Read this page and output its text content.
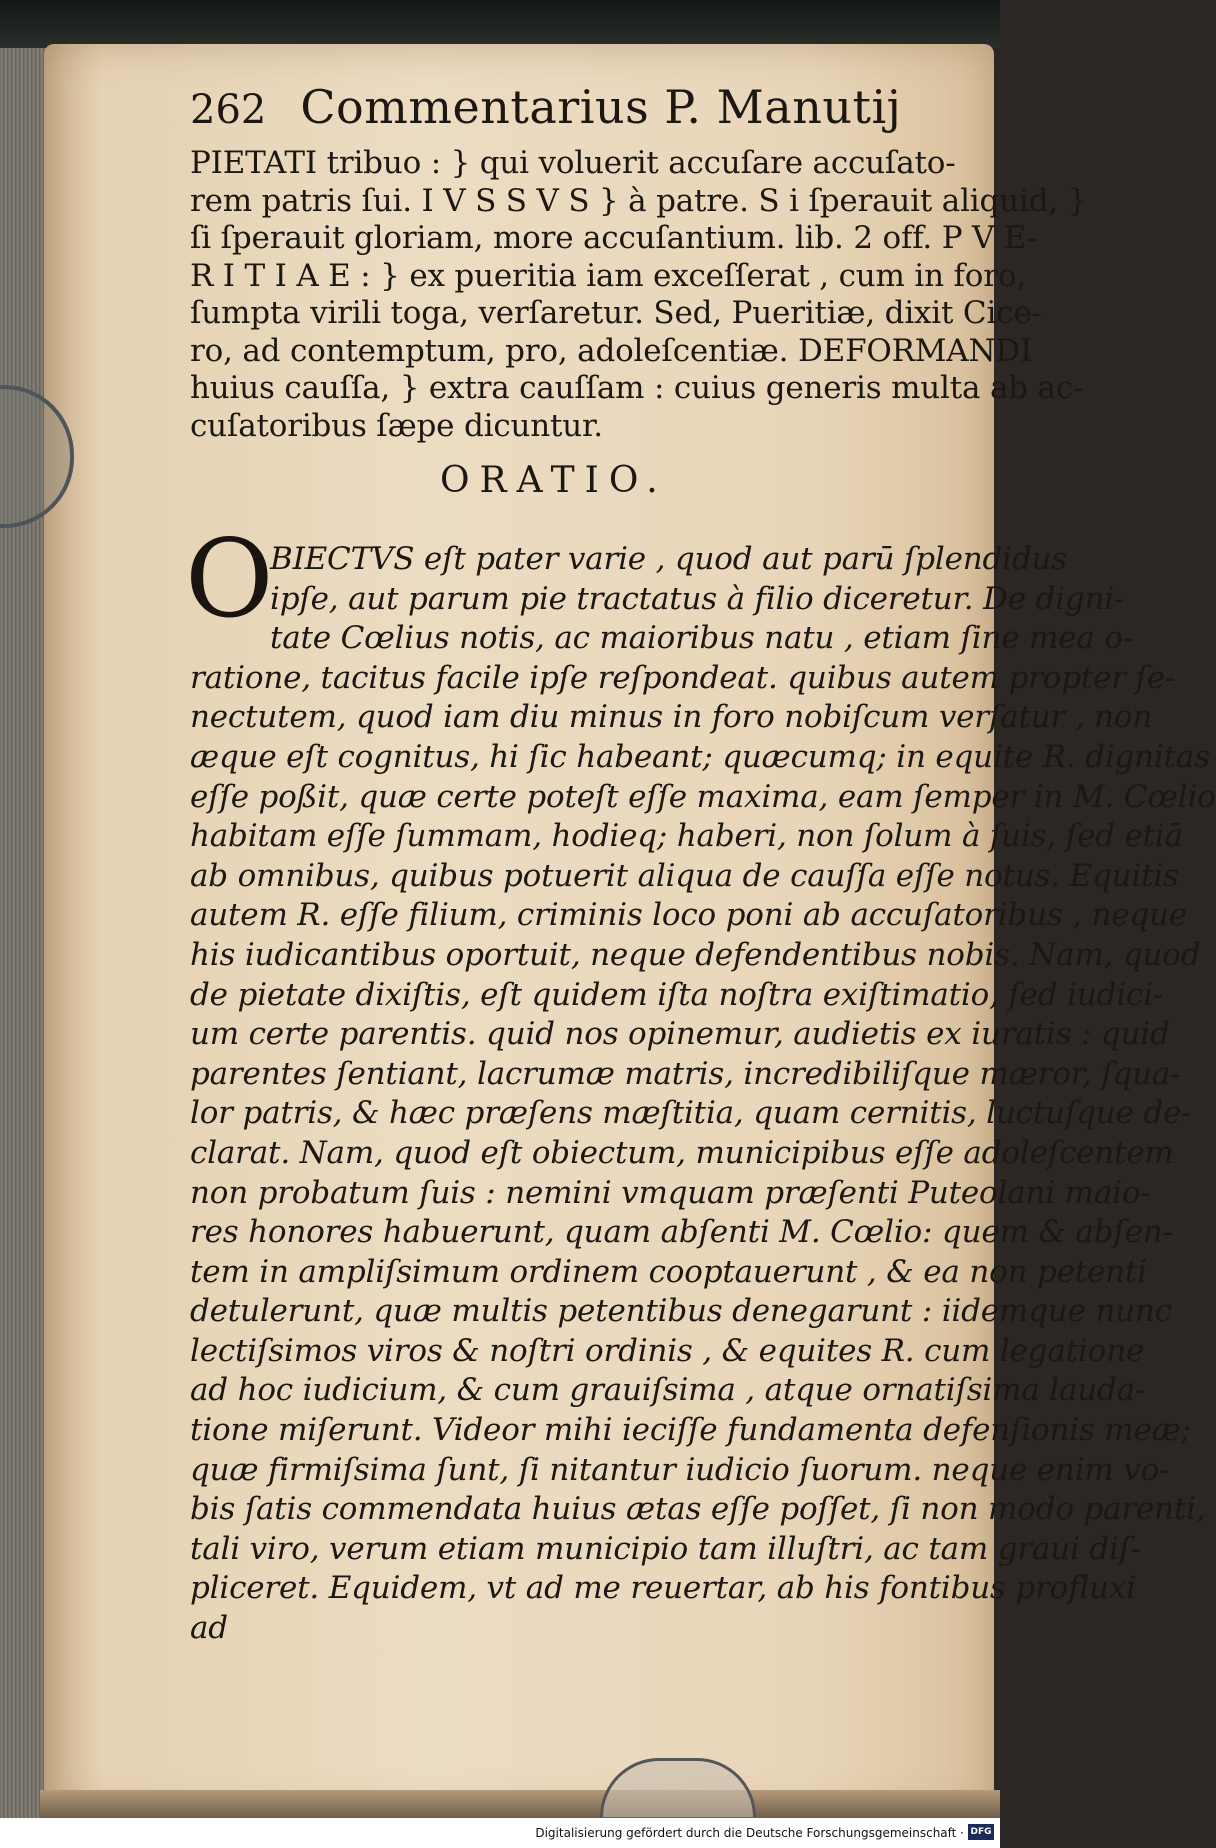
262 Commentarius P. Manutij
PIETATI tribuo : } qui voluerit accuſare accuſato-
rem patris ſui. I V S S V S } à patre. S i ſperauit aliquid, }
ſi ſperauit gloriam, more accuſantium. lib. 2 off. P V E-
R I T I A E : } ex pueritia iam exceſſerat , cum in foro,
ſumpta virili toga, verſaretur. Sed, Pueritiæ, dixit Cice-
ro, ad contemptum, pro, adoleſcentiæ. DEFORMANDI
huius cauſſa, } extra cauſſam : cuius generis multa ab ac-
cuſatoribus ſæpe dicuntur.
ORATIO.
O
BIECTVS eſt pater varie , quod aut parū ſplendidus
ipſe, aut parum pie tractatus à filio diceretur. De digni-
tate Cœlius notis, ac maioribus natu , etiam ſine mea o-
ratione, tacitus facile ipſe reſpondeat. quibus autem propter ſe-
nectutem, quod iam diu minus in foro nobiſcum verſatur , non
æque eſt cognitus, hi ſic habeant; quæcumq; in equite R. dignitas
eſſe poßit, quæ certe poteſt eſſe maxima, eam ſemper in M. Cœlio
habitam eſſe ſummam, hodieq; haberi, non ſolum à ſuis, ſed etiā
ab omnibus, quibus potuerit aliqua de cauſſa eſſe notus. Equitis
autem R. eſſe filium, criminis loco poni ab accuſatoribus , neque
his iudicantibus oportuit, neque defendentibus nobis. Nam, quod
de pietate dixiſtis, eſt quidem iſta noſtra exiſtimatio, ſed iudici-
um certe parentis. quid nos opinemur, audietis ex iuratis : quid
parentes ſentiant, lacrumæ matris, incredibiliſque mæror, ſqua-
lor patris, & hæc præſens mæſtitia, quam cernitis, luctuſque de-
clarat. Nam, quod eſt obiectum, municipibus eſſe adoleſcentem
non probatum ſuis : nemini vmquam præſenti Puteolani maio-
res honores habuerunt, quam abſenti M. Cœlio: quem & abſen-
tem in ampliſsimum ordinem cooptauerunt , & ea non petenti
detulerunt, quæ multis petentibus denegarunt : iidemque nunc
lectiſsimos viros & noſtri ordinis , & equites R. cum legatione
ad hoc iudicium, & cum grauiſsima , atque ornatiſsima lauda-
tione miſerunt. Videor mihi ieciſſe fundamenta defenſionis meæ;
quæ firmiſsima ſunt, ſi nitantur iudicio ſuorum. neque enim vo-
bis ſatis commendata huius ætas eſſe poſſet, ſi non modo parenti,
tali viro, verum etiam municipio tam illuſtri, ac tam graui diſ-
pliceret. Equidem, vt ad me reuertar, ab his fontibus profluxi
ad
Digitalisierung gefördert durch die Deutsche Forschungsgemeinschaft · DFG
